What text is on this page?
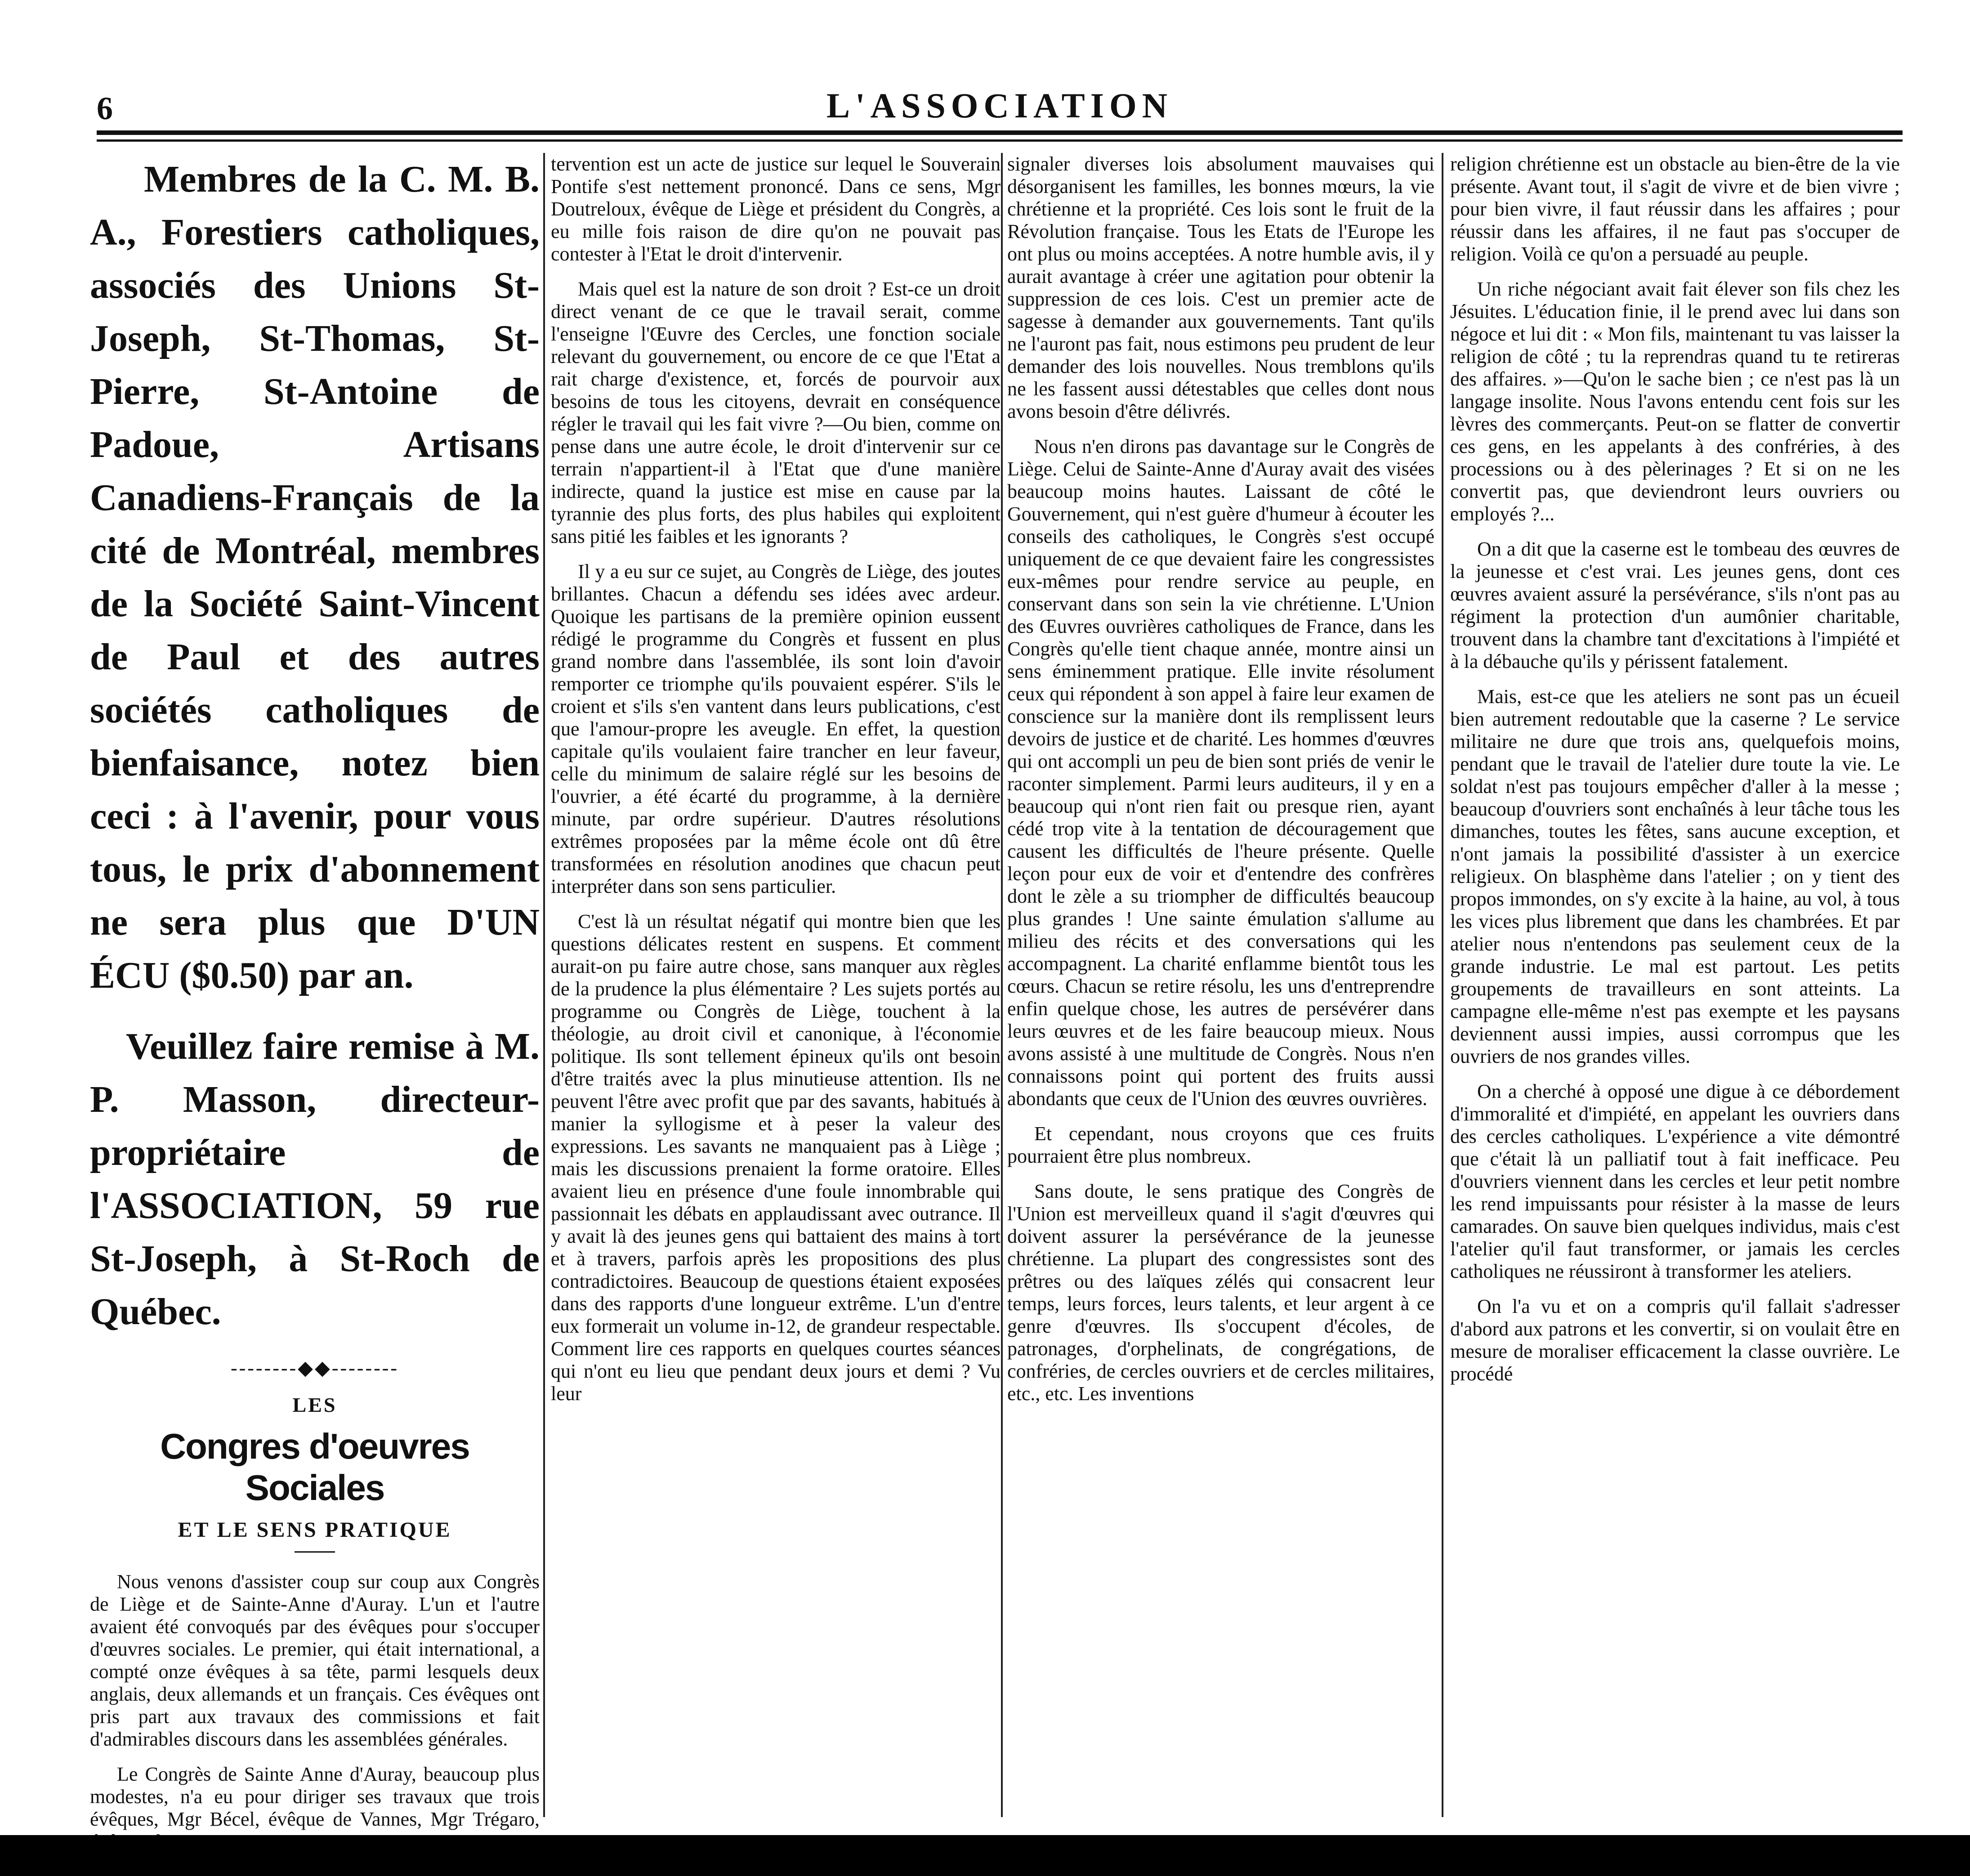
6	L'ASSOCIATION

Membres de la C. M. B. A., Forestiers catholiques, associés des Unions St-Joseph, St-Thomas, St-Pierre, St-Antoine de Padoue, Artisans Canadiens-Français de la cité de Montréal, membres de la Société Saint-Vincent de Paul et des autres sociétés catholiques de bienfaisance, notez bien ceci : à l'avenir, pour vous tous, le prix d'abonnement ne sera plus que D'UN ÉCU ($0.50) par an.

Veuillez faire remise à M. P. Masson, directeur-propriétaire de l'ASSOCIATION, 59 rue St-Joseph, à St-Roch de Québec.

--------◆◆--------
LES
Congres d'oeuvres Sociales
ET LE SENS PRATIQUE

Nous venons d'assister coup sur coup aux Congrès de Liège et de Sainte-Anne d'Auray. L'un et l'autre avaient été convoqués par des évêques pour s'occuper d'œuvres sociales. Le premier, qui était international, a compté onze évêques à sa tête, parmi lesquels deux anglais, deux allemands et un français. Ces évêques ont pris part aux travaux des commissions et fait d'admirables discours dans les assemblées générales.

Le Congrès de Sainte Anne d'Auray, beaucoup plus modestes, n'a eu pour diriger ses travaux que trois évêques, Mgr Bécel, évêque de Vannes, Mgr Trégaro,

tervention est un acte de justice sur lequel le Souverain Pontife s'est nettement prononcé. Dans ce sens, Mgr Doutreloux, évêque de Liège et président du Congrès, a eu mille fois raison de dire qu'on ne pouvait pas contester à l'Etat le droit d'intervenir.

Mais quel est la nature de son droit ? Est-ce un droit direct venant de ce que le travail serait, comme l'enseigne l'Œuvre des Cercles, une fonction sociale relevant du gouvernement, ou encore de ce que l'Etat a rait charge d'existence, et, forcés de pourvoir aux besoins de tous les citoyens, devrait en conséquence régler le travail qui les fait vivre ?—Ou bien, comme on pense dans une autre école, le droit d'intervenir sur ce terrain n'appartient-il à l'Etat que d'une manière indirecte, quand la justice est mise en cause par la tyrannie des plus forts, des plus habiles qui exploitent sans pitié les faibles et les ignorants ?

Il y a eu sur ce sujet, au Congrès de Liège, des joutes brillantes. Chacun a défendu ses idées avec ardeur. Quoique les partisans de la première opinion eussent rédigé le programme du Congrès et fussent en plus grand nombre dans l'assemblée, ils sont loin d'avoir remporter ce triomphe qu'ils pouvaient espérer. S'ils le croient et s'ils s'en vantent dans leurs publications, c'est que l'amour-propre les aveugle. En effet, la question capitale qu'ils voulaient faire trancher en leur faveur, celle du minimum de salaire réglé sur les besoins de l'ouvrier, a été écarté du programme, à la dernière minute, par ordre supérieur. D'autres résolutions extrêmes proposées par la même école ont dû être transformées en résolution anodines que chacun peut interpréter dans son sens particulier.

C'est là un résultat négatif qui montre bien que les questions délicates restent en suspens. Et comment aurait-on pu faire autre chose, sans manquer aux règles de la prudence la plus élémentaire ? Les sujets portés au programme ou Congrès de Liège, touchent à la théologie, au droit civil et canonique, à l'économie politique. Ils sont tellement épineux qu'ils ont besoin d'être traités avec la plus minutieuse attention. Ils ne peuvent l'être avec profit que par des savants, habitués à manier la syllogisme et à peser la valeur des expressions. Les savants ne manquaient pas à Liège ; mais les discussions prenaient la forme oratoire. Elles avaient lieu en présence d'une foule innombrable qui passionnait les débats en applaudissant avec outrance. Il y avait là des jeunes gens qui battaient des mains à tort et à travers, parfois après les propositions des plus contradictoires. Beaucoup de questions étaient exposées dans des rapports d'une longueur extrême. L'un d'entre eux formerait un volume in-12, de grandeur respectable. Comment lire ces rapports en quelques courtes séances qui n'ont eu lieu que pendant deux jours et demi ? Vu leur

signaler diverses lois absolument mauvaises qui désorganisent les familles, les bonnes mœurs, la vie chrétienne et la propriété. Ces lois sont le fruit de la Révolution française. Tous les Etats de l'Europe les ont plus ou moins acceptées. A notre humble avis, il y aurait avantage à créer une agitation pour obtenir la suppression de ces lois. C'est un premier acte de sagesse à demander aux gouvernements. Tant qu'ils ne l'auront pas fait, nous estimons peu prudent de leur demander des lois nouvelles. Nous tremblons qu'ils ne les fassent aussi détestables que celles dont nous avons besoin d'être délivrés.

Nous n'en dirons pas davantage sur le Congrès de Liège. Celui de Sainte-Anne d'Auray avait des visées beaucoup moins hautes. Laissant de côté le Gouvernement, qui n'est guère d'humeur à écouter les conseils des catholiques, le Congrès s'est occupé uniquement de ce que devaient faire les congressistes eux-mêmes pour rendre service au peuple, en conservant dans son sein la vie chrétienne. L'Union des Œuvres ouvrières catholiques de France, dans les Congrès qu'elle tient chaque année, montre ainsi un sens éminemment pratique. Elle invite résolument ceux qui répondent à son appel à faire leur examen de conscience sur la manière dont ils remplissent leurs devoirs de justice et de charité. Les hommes d'œuvres qui ont accompli un peu de bien sont priés de venir le raconter simplement. Parmi leurs auditeurs, il y en a beaucoup qui n'ont rien fait ou presque rien, ayant cédé trop vite à la tentation de découragement que causent les difficultés de l'heure présente. Quelle leçon pour eux de voir et d'entendre des confrères dont le zèle a su triompher de difficultés beaucoup plus grandes ! Une sainte émulation s'allume au milieu des récits et des conversations qui les accompagnent. La charité enflamme bientôt tous les cœurs. Chacun se retire résolu, les uns d'entreprendre enfin quelque chose, les autres de persévérer dans leurs œuvres et de les faire beaucoup mieux. Nous avons assisté à une multitude de Congrès. Nous n'en connaissons point qui portent des fruits aussi abondants que ceux de l'Union des œuvres ouvrières.

Et cependant, nous croyons que ces fruits pourraient être plus nombreux.

Sans doute, le sens pratique des Congrès de l'Union est merveilleux quand il s'agit d'œuvres qui doivent assurer la persévérance de la jeunesse chrétienne. La plupart des congressistes sont des prêtres ou des laïques zélés qui consacrent leur temps, leurs forces, leurs talents, et leur argent à ce genre d'œuvres. Ils s'occupent d'écoles, de patronages, d'orphelinats, de congrégations, de confréries, de cercles ouvriers et de cercles militaires, etc., etc. Les inventions

religion chrétienne est un obstacle au bien-être de la vie présente. Avant tout, il s'agit de vivre et de bien vivre ; pour bien vivre, il faut réussir dans les affaires ; pour réussir dans les affaires, il ne faut pas s'occuper de religion. Voilà ce qu'on a persuadé au peuple.

Un riche négociant avait fait élever son fils chez les Jésuites. L'éducation finie, il le prend avec lui dans son négoce et lui dit : « Mon fils, maintenant tu vas laisser la religion de côté ; tu la reprendras quand tu te retireras des affaires. »—Qu'on le sache bien ; ce n'est pas là un langage insolite. Nous l'avons entendu cent fois sur les lèvres des commerçants. Peut-on se flatter de convertir ces gens, en les appelants à des confréries, à des processions ou à des pèlerinages ? Et si on ne les convertit pas, que deviendront leurs ouvriers ou employés ?...

On a dit que la caserne est le tombeau des œuvres de la jeunesse et c'est vrai. Les jeunes gens, dont ces œuvres avaient assuré la persévérance, s'ils n'ont pas au régiment la protection d'un aumônier charitable, trouvent dans la chambre tant d'excitations à l'impiété et à la débauche qu'ils y périssent fatalement.

Mais, est-ce que les ateliers ne sont pas un écueil bien autrement redoutable que la caserne ? Le service militaire ne dure que trois ans, quelquefois moins, pendant que le travail de l'atelier dure toute la vie. Le soldat n'est pas toujours empêcher d'aller à la messe ; beaucoup d'ouvriers sont enchaînés à leur tâche tous les dimanches, toutes les fêtes, sans aucune exception, et n'ont jamais la possibilité d'assister à un exercice religieux. On blasphème dans l'atelier ; on y tient des propos immondes, on s'y excite à la haine, au vol, à tous les vices plus librement que dans les chambrées. Et par atelier nous n'entendons pas seulement ceux de la grande industrie. Le mal est partout. Les petits groupements de travailleurs en sont atteints. La campagne elle-même n'est pas exempte et les paysans deviennent aussi impies, aussi corrompus que les ouvriers de nos grandes villes.

On a cherché à opposé une digue à ce débordement d'immoralité et d'impiété, en appelant les ouvriers dans des cercles catholiques. L'expérience a vite démontré que c'était là un palliatif tout à fait inefficace. Peu d'ouvriers viennent dans les cercles et leur petit nombre les rend impuissants pour résister à la masse de leurs camarades. On sauve bien quelques individus, mais c'est l'atelier qu'il faut transformer, or jamais les cercles catholiques ne réussiront à transformer les ateliers.

On l'a vu et on a compris qu'il fallait s'adresser d'abord aux patrons et les convertir, si on voulait être en mesure de moraliser efficacement la classe ouvrière. Le procédé
